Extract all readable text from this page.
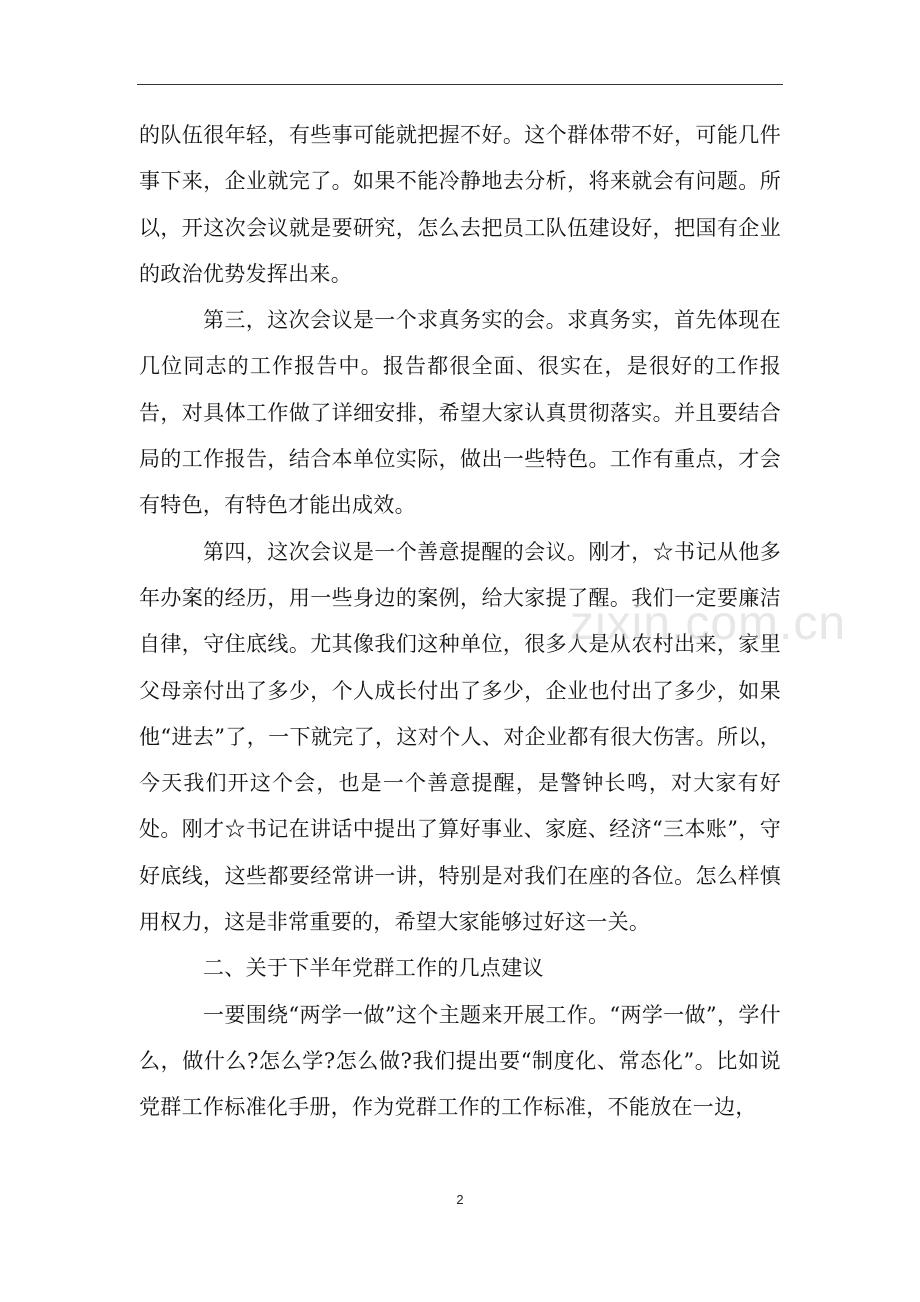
的队伍很年轻，有些事可能就把握不好。这个群体带不好，可能几件事下来，企业就完了。如果不能冷静地去分析，将来就会有问题。所以，开这次会议就是要研究，怎么去把员工队伍建设好，把国有企业的政治优势发挥出来。

第三，这次会议是一个求真务实的会。求真务实，首先体现在几位同志的工作报告中。报告都很全面、很实在，是很好的工作报告，对具体工作做了详细安排，希望大家认真贯彻落实。并且要结合局的工作报告，结合本单位实际，做出一些特色。工作有重点，才会有特色，有特色才能出成效。

第四，这次会议是一个善意提醒的会议。刚才，☆书记从他多年办案的经历，用一些身边的案例，给大家提了醒。我们一定要廉洁自律，守住底线。尤其像我们这种单位，很多人是从农村出来，家里父母亲付出了多少，个人成长付出了多少，企业也付出了多少，如果他“进去”了，一下就完了，这对个人、对企业都有很大伤害。所以，今天我们开这个会，也是一个善意提醒，是警钟长鸣，对大家有好处。刚才☆书记在讲话中提出了算好事业、家庭、经济“三本账”，守好底线，这些都要经常讲一讲，特别是对我们在座的各位。怎么样慎用权力，这是非常重要的，希望大家能够过好这一关。

二、关于下半年党群工作的几点建议

一要围绕“两学一做”这个主题来开展工作。“两学一做”，学什么，做什么?怎么学?怎么做?我们提出要“制度化、常态化”。比如说党群工作标准化手册，作为党群工作的工作标准，不能放在一边，

zixin.com.cn
2
